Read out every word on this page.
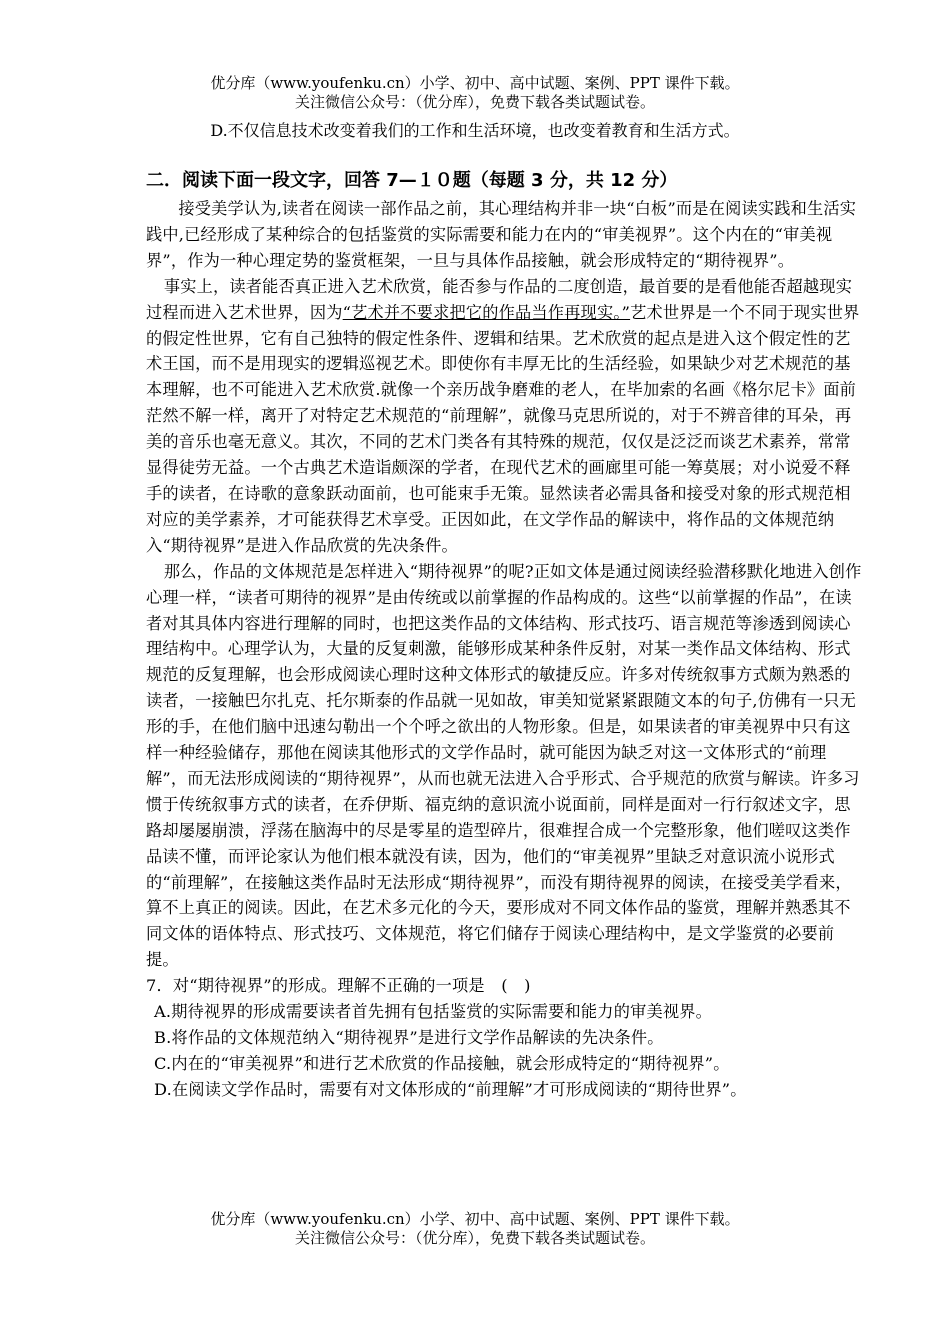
优分库（www.youfenku.cn）小学、初中、高中试题、案例、PPT 课件下载。
关注微信公众号：（优分库），免费下载各类试题试卷。
D.不仅信息技术改变着我们的工作和生活环境，也改变着教育和生活方式。
二．阅读下面一段文字，回答 7—１０题（每题 3 分，共 12 分）

接受美学认为,读者在阅读一部作品之前，其心理结构并非一块“白板”而是在阅读实践和生活实践中,已经形成了某种综合的包括鉴赏的实际需要和能力在内的“审美视界”。这个内在的“审美视界”，作为一种心理定势的鉴赏框架，一旦与具体作品接触，就会形成特定的“期待视界”。

事实上，读者能否真正进入艺术欣赏，能否参与作品的二度创造，最首要的是看他能否超越现实过程而进入艺术世界，因为“艺术并不要求把它的作品当作再现实。”艺术世界是一个不同于现实世界的假定性世界，它有自己独特的假定性条件、逻辑和结果。艺术欣赏的起点是进入这个假定性的艺术王国，而不是用现实的逻辑巡视艺术。即使你有丰厚无比的生活经验，如果缺少对艺术规范的基本理解，也不可能进入艺术欣赏.就像一个亲历战争磨难的老人，在毕加索的名画《格尔尼卡》面前茫然不解一样，离开了对特定艺术规范的“前理解”，就像马克思所说的，对于不辨音律的耳朵，再美的音乐也毫无意义。其次，不同的艺术门类各有其特殊的规范，仅仅是泛泛而谈艺术素养，常常显得徒劳无益。一个古典艺术造诣颇深的学者，在现代艺术的画廊里可能一筹莫展；对小说爱不释手的读者，在诗歌的意象跃动面前，也可能束手无策。显然读者必需具备和接受对象的形式规范相对应的美学素养，才可能获得艺术享受。正因如此，在文学作品的解读中，将作品的文体规范纳入“期待视界”是进入作品欣赏的先决条件。

那么，作品的文体规范是怎样进入“期待视界”的呢?正如文体是通过阅读经验潜移默化地进入创作心理一样，“读者可期待的视界”是由传统或以前掌握的作品构成的。这些“以前掌握的作品”，在读者对其具体内容进行理解的同时，也把这类作品的文体结构、形式技巧、语言规范等渗透到阅读心理结构中。心理学认为，大量的反复刺激，能够形成某种条件反射，对某一类作品文体结构、形式规范的反复理解，也会形成阅读心理时这种文体形式的敏捷反应。许多对传统叙事方式颇为熟悉的读者，一接触巴尔扎克、托尔斯泰的作品就一见如故，审美知觉紧紧跟随文本的句子,仿佛有一只无形的手，在他们脑中迅速勾勒出一个个呼之欲出的人物形象。但是，如果读者的审美视界中只有这样一种经验储存，那他在阅读其他形式的文学作品时，就可能因为缺乏对这一文体形式的“前理解”，而无法形成阅读的“期待视界”，从而也就无法进入合乎形式、合乎规范的欣赏与解读。许多习惯于传统叙事方式的读者，在乔伊斯、福克纳的意识流小说面前，同样是面对一行行叙述文字，思路却屡屡崩溃，浮荡在脑海中的尽是零星的造型碎片，很难捏合成一个完整形象，他们嗟叹这类作品读不懂，而评论家认为他们根本就没有读，因为，他们的“审美视界”里缺乏对意识流小说形式的“前理解”，在接触这类作品时无法形成“期待视界”，而没有期待视界的阅读，在接受美学看来，算不上真正的阅读。因此，在艺术多元化的今天，要形成对不同文体作品的鉴赏，理解并熟悉其不同文体的语体特点、形式技巧、文体规范，将它们储存于阅读心理结构中，是文学鉴赏的必要前提。

7．对“期待视界”的形成。理解不正确的一项是　(　)
A.期待视界的形成需要读者首先拥有包括鉴赏的实际需要和能力的审美视界。
B.将作品的文体规范纳入“期待视界”是进行文学作品解读的先决条件。
C.内在的“审美视界”和进行艺术欣赏的作品接触，就会形成特定的“期待视界”。
D.在阅读文学作品时，需要有对文体形成的“前理解”才可形成阅读的“期待世界”。
优分库（www.youfenku.cn）小学、初中、高中试题、案例、PPT 课件下载。
关注微信公众号：（优分库），免费下载各类试题试卷。
